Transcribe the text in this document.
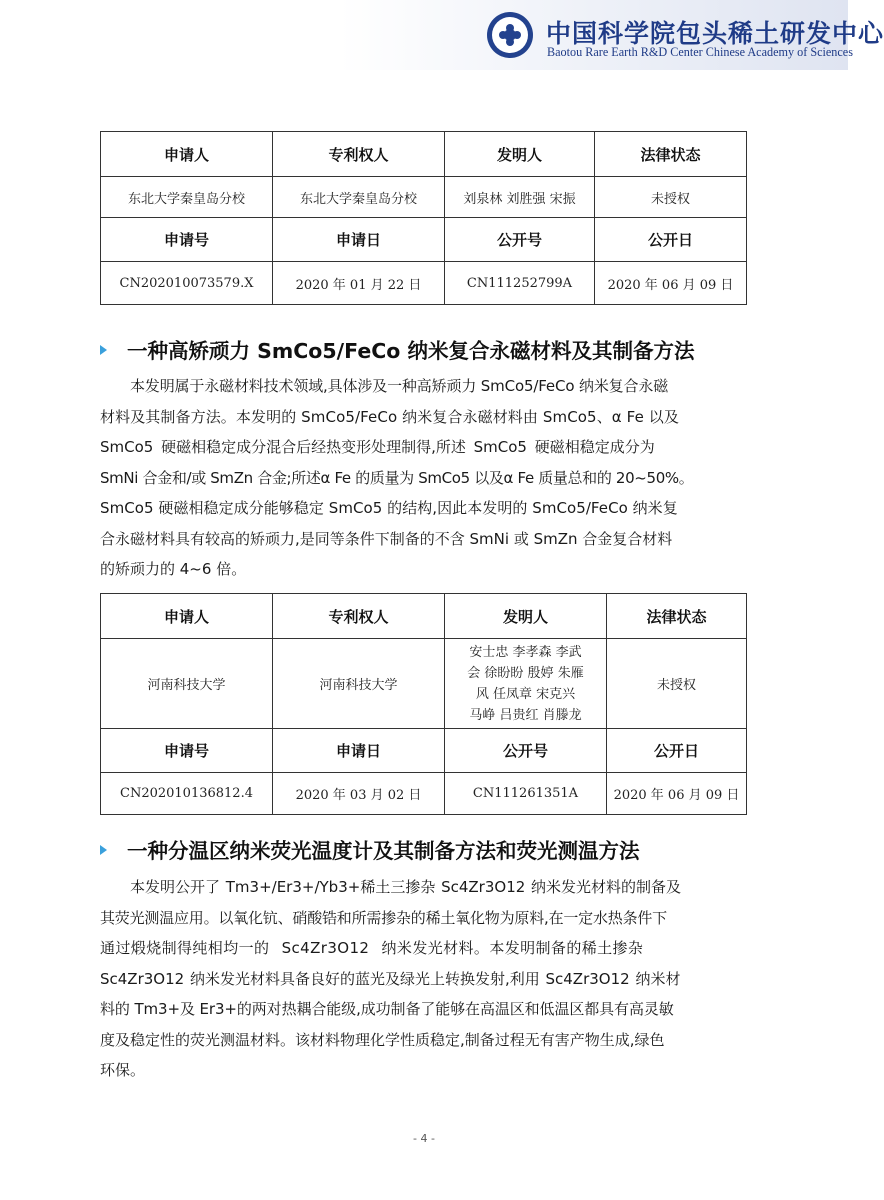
中国科学院包头稀土研发中心
Baotou Rare Earth R&D Center Chinese Academy of Sciences
申请人	专利权人	发明人	法律状态
东北大学秦皇岛分校	东北大学秦皇岛分校	刘泉林 刘胜强 宋振	未授权
申请号	申请日	公开号	公开日
CN202010073579.X	2020 年 01 月 22 日	CN111252799A	2020 年 06 月 09 日
一种高矫顽力 SmCo5/FeCo 纳米复合永磁材料及其制备方法
本发明属于永磁材料技术领域,具体涉及一种高矫顽力 SmCo5/FeCo 纳米复合永磁
材料及其制备方法。本发明的 SmCo5/FeCo 纳米复合永磁材料由 SmCo5、α Fe 以及
SmCo5 硬磁相稳定成分混合后经热变形处理制得,所述 SmCo5 硬磁相稳定成分为
SmNi 合金和/或 SmZn 合金;所述α Fe 的质量为 SmCo5 以及α Fe 质量总和的 20~50%。
SmCo5 硬磁相稳定成分能够稳定 SmCo5 的结构,因此本发明的 SmCo5/FeCo 纳米复
合永磁材料具有较高的矫顽力,是同等条件下制备的不含 SmNi 或 SmZn 合金复合材料
的矫顽力的 4~6 倍。
申请人	专利权人	发明人	法律状态
河南科技大学	河南科技大学	安士忠 李孝森 李武
会 徐盼盼 殷婷 朱雁
风 任凤章 宋克兴
马峥 吕贵红 肖滕龙	未授权
申请号	申请日	公开号	公开日
CN202010136812.4	2020 年 03 月 02 日	CN111261351A	2020 年 06 月 09 日
一种分温区纳米荧光温度计及其制备方法和荧光测温方法
本发明公开了 Tm3+/Er3+/Yb3+稀土三掺杂 Sc4Zr3O12 纳米发光材料的制备及
其荧光测温应用。以氧化钪、硝酸锆和所需掺杂的稀土氧化物为原料,在一定水热条件下
通过煅烧制得纯相均一的 Sc4Zr3O12 纳米发光材料。本发明制备的稀土掺杂
Sc4Zr3O12 纳米发光材料具备良好的蓝光及绿光上转换发射,利用 Sc4Zr3O12 纳米材
料的 Tm3+及 Er3+的两对热耦合能级,成功制备了能够在高温区和低温区都具有高灵敏
度及稳定性的荧光测温材料。该材料物理化学性质稳定,制备过程无有害产物生成,绿色
环保。
- 4 -
